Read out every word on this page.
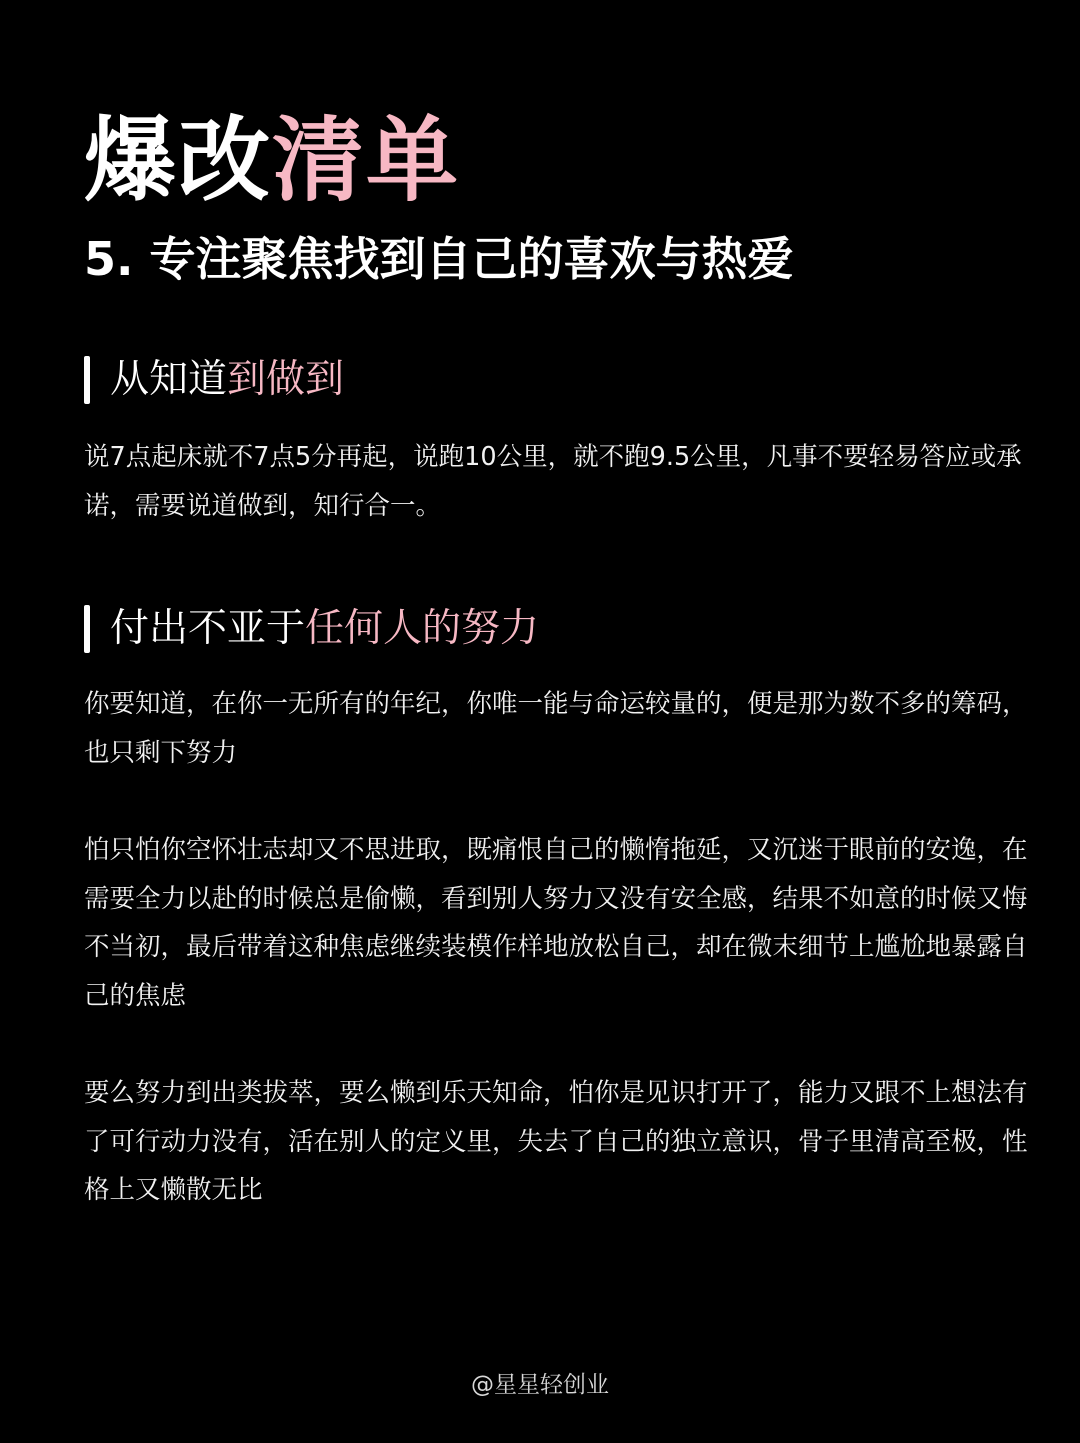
爆改清单
5. 专注聚焦找到自己的喜欢与热爱
从知道到做到
说7点起床就不7点5分再起，说跑10公里，就不跑9.5公里，凡事不要轻易答应或承诺，需要说道做到，知行合一。
付出不亚于任何人的努力
你要知道，在你一无所有的年纪，你唯一能与命运较量的，便是那为数不多的筹码，也只剩下努力
怕只怕你空怀壮志却又不思进取，既痛恨自己的懒惰拖延，又沉迷于眼前的安逸，在需要全力以赴的时候总是偷懒，看到别人努力又没有安全感，结果不如意的时候又悔不当初，最后带着这种焦虑继续装模作样地放松自己，却在微末细节上尴尬地暴露自己的焦虑
要么努力到出类拔萃，要么懒到乐天知命，怕你是见识打开了，能力又跟不上想法有了可行动力没有，活在别人的定义里，失去了自己的独立意识，骨子里清高至极，性格上又懒散无比
@星星轻创业
